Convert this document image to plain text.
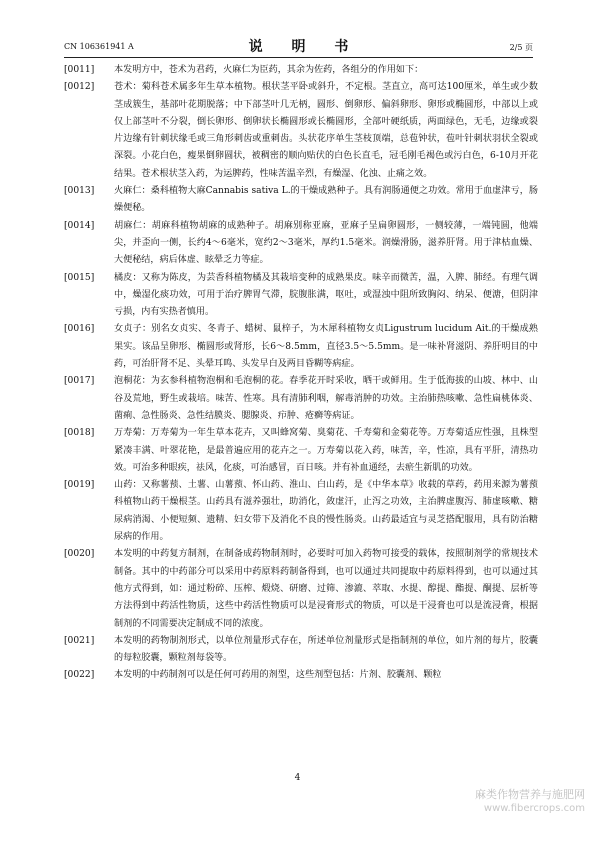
CN 106361941 A	说 明 书	2/5 页

[0011] 本发明方中，苍术为君药，火麻仁为臣药，其余为佐药，各组分的作用如下：

[0012] 苍术：菊科苍术属多年生草本植物。根状茎平卧或斜升，不定根。茎直立，高可达100厘米，单生或少数茎成簇生，基部叶花期脱落；中下部茎叶几无柄，圆形、倒卵形、偏斜卵形、卵形或椭圆形，中部以上或仅上部茎叶不分裂，倒长卵形、倒卵状长椭圆形或长椭圆形，全部叶硬纸质，两面绿色，无毛，边缘或裂片边缘有针刺状缘毛或三角形刺齿或重刺齿。头状花序单生茎枝顶端，总苞钟状，苞叶针刺状羽状全裂或深裂。小花白色，瘦果倒卵圆状，被稠密的顺向贴伏的白色长直毛，冠毛刚毛褐色或污白色，6-10月开花结果。苍术根状茎入药，为运脾药，性味苦温辛烈，有燥湿、化浊、止痛之效。

[0013] 火麻仁：桑科植物大麻Cannabis sativa L.的干燥成熟种子。具有润肠通便之功效。常用于血虚津亏，肠燥便秘。

[0014] 胡麻仁：胡麻科植物胡麻的成熟种子。胡麻别称亚麻，亚麻子呈扁卵圆形，一侧较薄，一端钝圆，他端尖，并歪向一侧，长约4～6毫米，宽约2～3毫米，厚约1.5毫米。润燥滑肠，滋养肝肾。用于津枯血燥、大便秘结，病后体虚、眩晕乏力等症。

[0015] 橘皮：又称为陈皮，为芸香科植物橘及其栽培变种的成熟果皮。味辛而微苦，温，入脾、肺经。有理气调中，燥湿化痰功效，可用于治疗脾胃气滞，脘腹胀满，呕吐，或湿浊中阻所致胸闷、纳呆、便溏，但阴津亏损，内有实热者慎用。

[0016] 女贞子：别名女贞实、冬青子、蜡树、鼠梓子，为木犀科植物女贞Ligustrum lucidum Ait.的干燥成熟果实。该品呈卵形、椭圆形或肾形，长6～8.5mm，直径3.5～5.5mm。是一味补肾滋阴、养肝明目的中药，可治肝肾不足、头晕耳鸣、头发早白及两目昏糊等病症。

[0017] 泡桐花：为玄参科植物泡桐和毛泡桐的花。春季花开时采收，晒干或鲜用。生于低海拔的山坡、林中、山谷及荒地，野生或栽培。味苦、性寒。具有清肺利咽，解毒消肿的功效。主治肺热咳嗽、急性扁桃体炎、菌痢、急性肠炎、急性结膜炎、腮腺炎、疖肿、疮癣等病证。

[0018] 万寿菊：万寿菊为一年生草本花卉，又叫蜂窝菊、臭菊花、千寿菊和金菊花等。万寿菊适应性强，且株型紧凑丰满、叶翠花艳，是最普遍应用的花卉之一。万寿菊以花入药，味苦，辛，性凉，具有平肝，清热功效。可治多种眼疾，祛风，化痰，可治感冒，百日咳。并有补血通经，去瘀生新肌的功效。

[0019] 山药：又称薯蓣、土薯、山薯蓣、怀山药、淮山、白山药，是《中华本草》收载的草药，药用来源为薯蓣科植物山药干燥根茎。山药具有滋养强壮，助消化，敛虚汗，止泻之功效，主治脾虚腹泻、肺虚咳嗽、糖尿病消渴、小便短频、遗精、妇女带下及消化不良的慢性肠炎。山药最适宜与灵芝搭配服用，具有防治糖尿病的作用。

[0020] 本发明的中药复方制剂，在制备成药物制剂时，必要时可加入药物可接受的载体，按照制剂学的常规技术制备。其中的中药部分可以采用中药原料药制备得到，也可以通过共同提取中药原料得到，也可以通过其他方式得到，如：通过粉碎、压榨、煅烧、研磨、过筛、渗漉、萃取、水提、醇提、酯提、酮提、层析等方法得到中药活性物质，这些中药活性物质可以是浸膏形式的物质，可以是干浸膏也可以是流浸膏，根据制剂的不同需要决定制成不同的浓度。

[0021] 本发明的药物制剂形式，以单位剂量形式存在，所述单位剂量形式是指制剂的单位，如片剂的每片，胶囊的每粒胶囊，颗粒剂每袋等。

[0022] 本发明的中药制剂可以是任何可药用的剂型，这些剂型包括：片剂、胶囊剂、颗粒

4
麻类作物营养与施肥网
www.fibercrops.com
